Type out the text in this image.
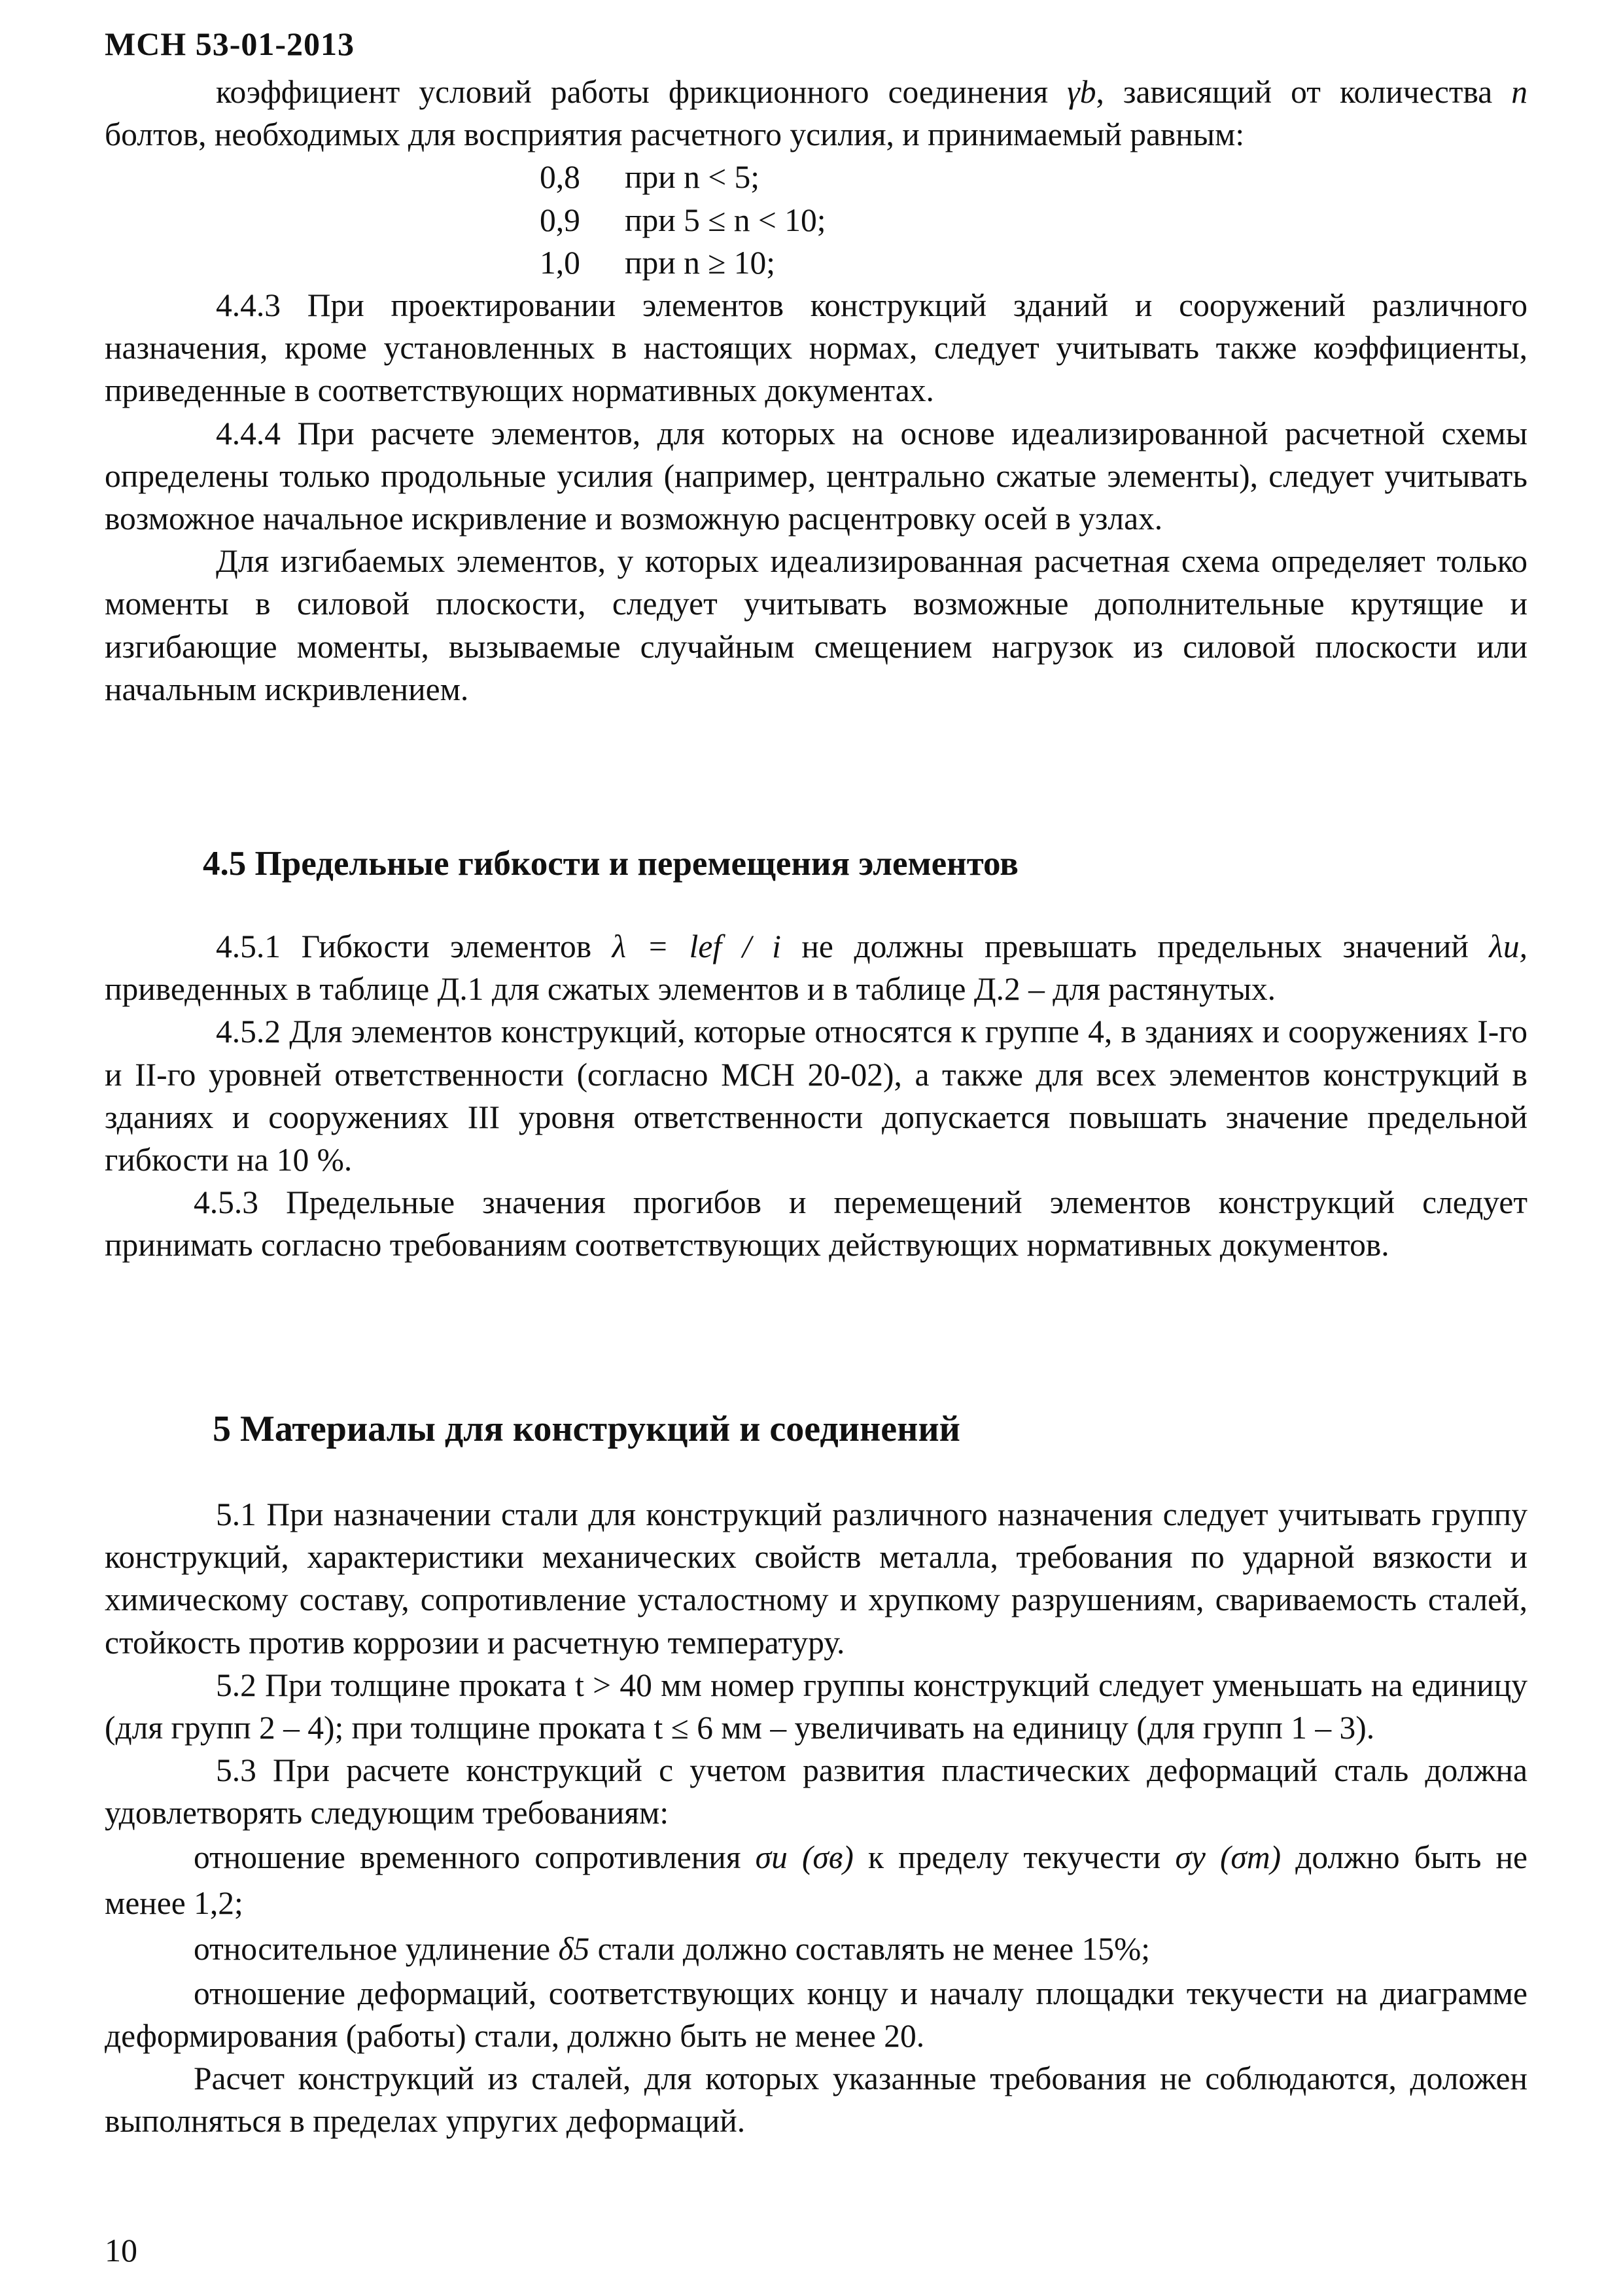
МСН 53-01-2013

коэффициент условий работы фрикционного соединения γb, зависящий от количества n болтов, необходимых для восприятия расчетного усилия, и принимаемый равным:

0,8 при n < 5;

0,9 при 5 ≤ n < 10;

1,0 при n ≥ 10;

4.4.3 При проектировании элементов конструкций зданий и сооружений различного назначения, кроме установленных в настоящих нормах, следует учитывать также коэффициенты, приведенные в соответствующих нормативных документах.

4.4.4 При расчете элементов, для которых на основе идеализированной расчетной схемы определены только продольные усилия (например, центрально сжатые элементы), следует учитывать возможное начальное искривление и возможную расцентровку осей в узлах.

Для изгибаемых элементов, у которых идеализированная расчетная схема определяет только моменты в силовой плоскости, следует учитывать возможные дополнительные крутящие и изгибающие моменты, вызываемые случайным смещением нагрузок из силовой плоскости или начальным искривлением.

4.5 Предельные гибкости и перемещения элементов

4.5.1 Гибкости элементов λ = lef / i не должны превышать предельных значений λu, приведенных в таблице Д.1 для сжатых элементов и в таблице Д.2 – для растянутых.

4.5.2 Для элементов конструкций, которые относятся к группе 4, в зданиях и сооружениях I-го и II-го уровней ответственности (согласно МСН 20-02), а также для всех элементов конструкций в зданиях и сооружениях III уровня ответственности допускается повышать значение предельной гибкости на 10 %.

4.5.3 Предельные значения прогибов и перемещений элементов конструкций следует принимать согласно требованиям соответствующих действующих нормативных документов.

5 Материалы для конструкций и соединений

5.1 При назначении стали для конструкций различного назначения следует учитывать группу конструкций, характеристики механических свойств металла, требования по ударной вязкости и химическому составу, сопротивление усталостному и хрупкому разрушениям, свариваемость сталей, стойкость против коррозии и расчетную температуру.

5.2 При толщине проката t > 40 мм номер группы конструкций следует уменьшать на единицу (для групп 2 – 4); при толщине проката t ≤ 6 мм – увеличивать на единицу (для групп 1 – 3).

5.3 При расчете конструкций с учетом развития пластических деформаций сталь должна удовлетворять следующим требованиям:

отношение временного сопротивления σu (σв) к пределу текучести σy (σт) должно быть не менее 1,2;

относительное удлинение δ5 стали должно составлять не менее 15%;

отношение деформаций, соответствующих концу и началу площадки текучести на диаграмме деформирования (работы) стали, должно быть не менее 20.

Расчет конструкций из сталей, для которых указанные требования не соблюдаются, доложен выполняться в пределах упругих деформаций.

10
